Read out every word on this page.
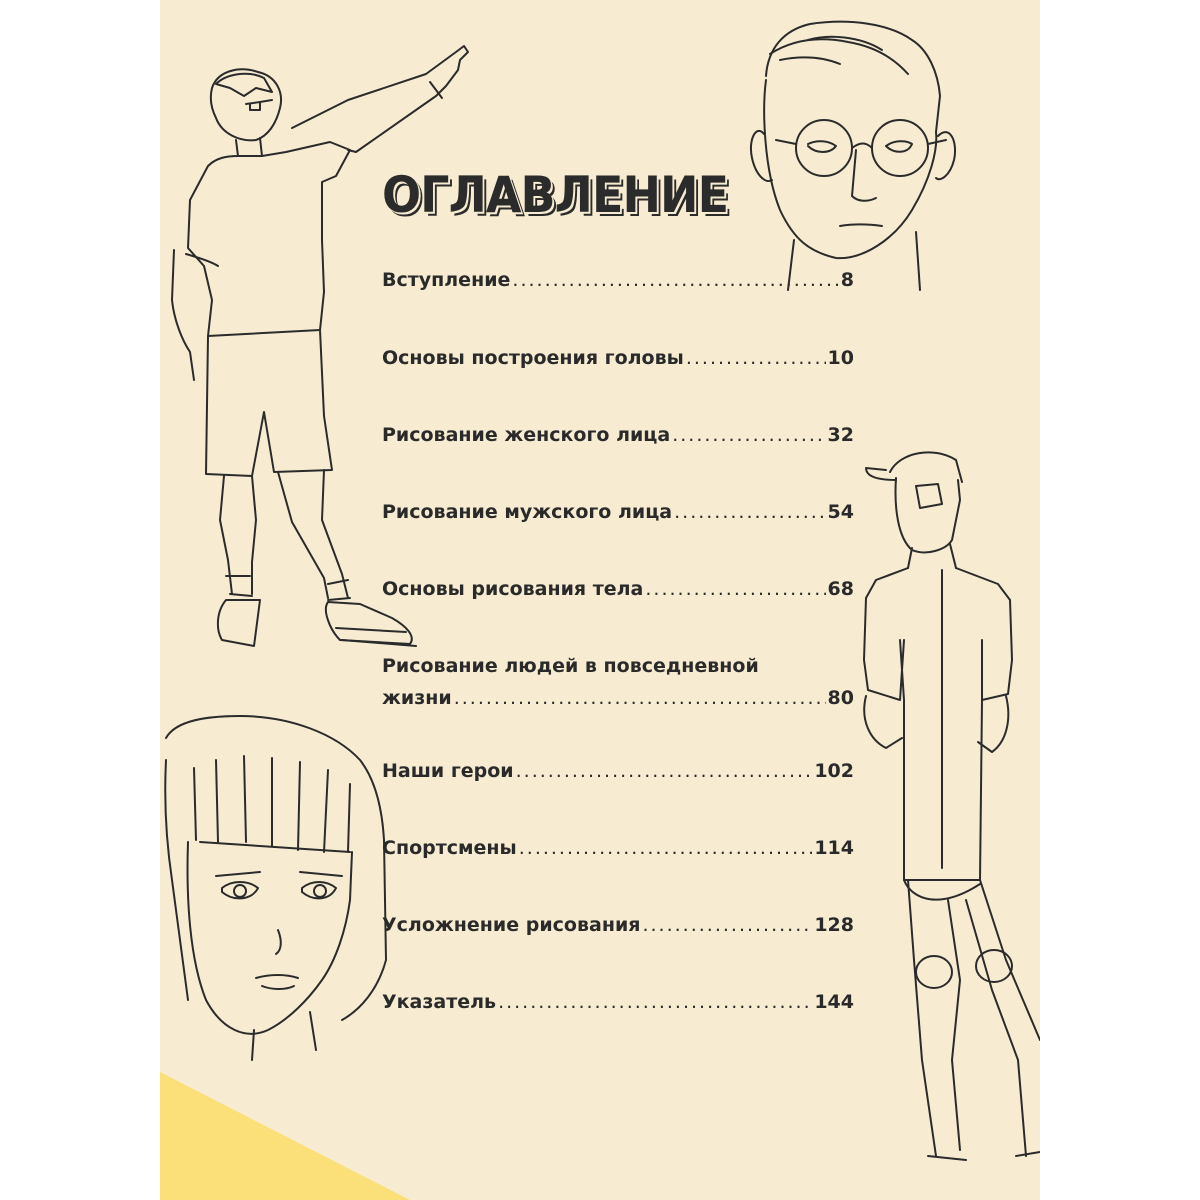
ОГЛАВЛЕНИЕ
Вступление .....	8
Основы построения головы .....	10
Рисование женского лица .....	32
Рисование мужского лица .....	54
Основы рисования тела .....	68
Рисование людей в повседневной
жизни .....	80
Наши герои .....	102
Спортсмены .....	114
Усложнение рисования .....	128
Указатель .....	144
